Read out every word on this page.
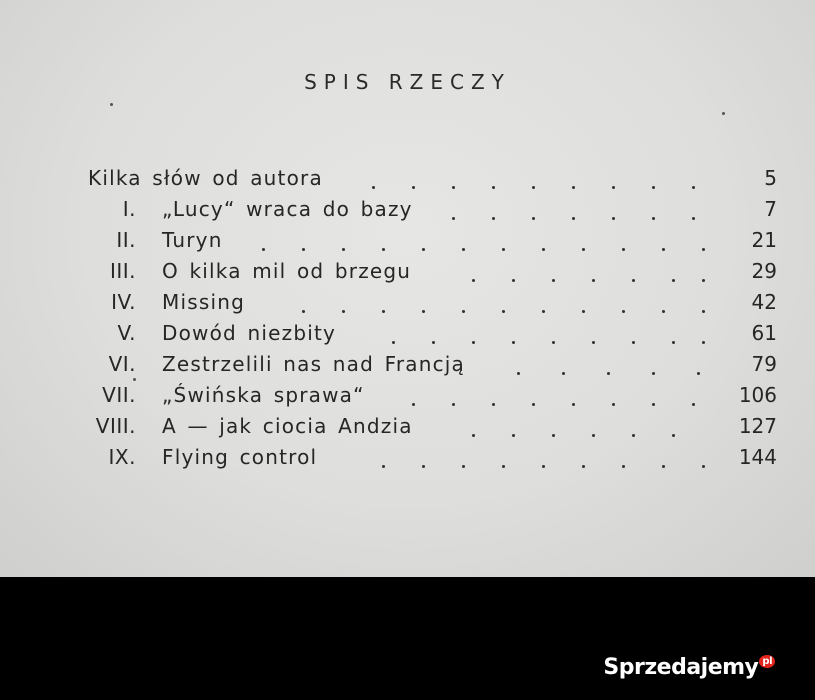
SPIS RZECZY
Kilka słów od autora	5
I. „Lucy“ wraca do bazy	7
II. Turyn	21
III. O kilka mil od brzegu	29
IV. Missing	42
V. Dowód niezbity	61
VI. Zestrzelili nas nad Francją	79
VII. „Świńska sprawa“	106
VIII. A — jak ciocia Andzia	127
IX. Flying control	144
Sprzedajemy pl
